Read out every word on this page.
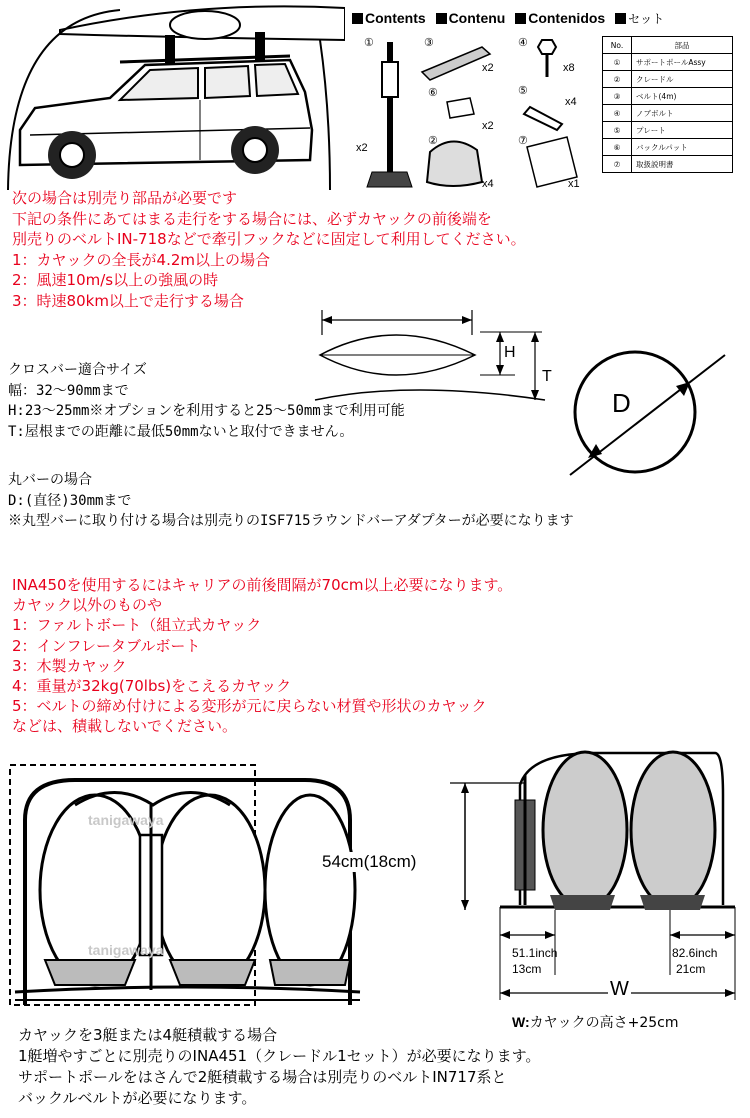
Contents Contenu Contenidos セット
①	③	④
⑥	⑤
②	⑦
x2
x2	x8
x2
x4
x4	x1
No.	部品
①	サポートポールAssy
②	クレードル
③	ベルト(4m)
④	ノブボルト
⑤	プレート
⑥	バックルパット
⑦	取扱説明書
次の場合は別売り部品が必要です
下記の条件にあてはまる走行をする場合には、必ずカヤックの前後端を
別売りのベルトIN-718などで牽引フックなどに固定して利用してください。
1：カヤックの全長が4.2m以上の場合
2：風速10m/s以上の強風の時
3：時速80km以上で走行する場合
H
T
D
クロスバー適合サイズ
幅：32～90mmまで
H:23～25mm※オプションを利用すると25～50mmまで利用可能
T:屋根までの距離に最低50mmないと取付できません。
丸バーの場合
D:(直径)30mmまで
※丸型バーに取り付ける場合は別売りのISF715ラウンドバーアダプターが必要になります
INA450を使用するにはキャリアの前後間隔が70cm以上必要になります。
カヤック以外のものや
1：ファルトボート（組立式カヤック
2：インフレータブルボート
3：木製カヤック
4：重量が32kg(70lbs)をこえるカヤック
5：ベルトの締め付けによる変形が元に戻らない材質や形状のカヤック
などは、積載しないでください。
tanigawaya
tanigawaya
54cm(18cm)
51.1inch
13cm
82.6inch
21cm
W
W:カヤックの高さ+25cm
カヤックを3艇または4艇積載する場合
1艇増やすごとに別売りのINA451（クレードル1セット）が必要になります。
サポートポールをはさんで2艇積載する場合は別売りのベルトIN717系と
バックルベルトが必要になります。
